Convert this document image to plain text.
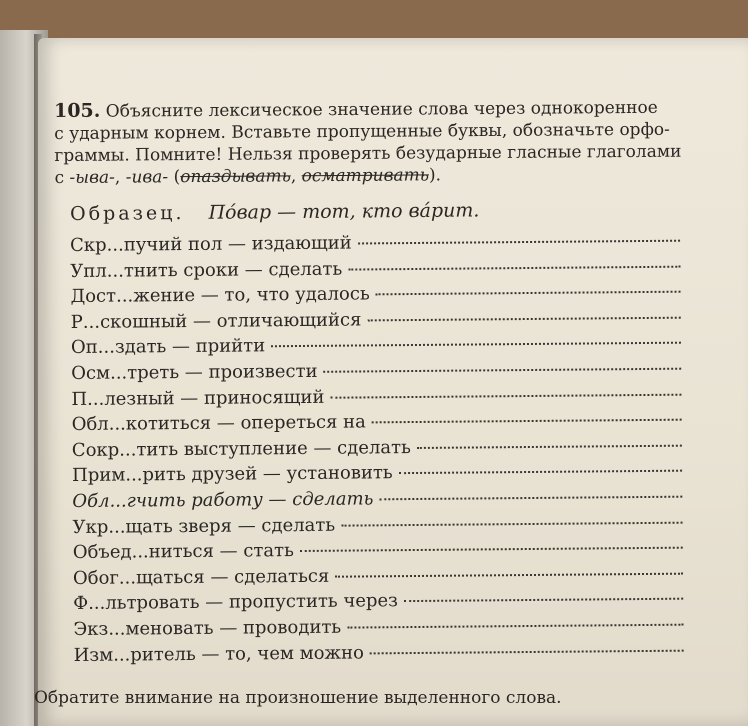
105. Объясните лексическое значение слова через однокоренное

с ударным корнем. Вставьте пропущенные буквы, обозначьте орфо-

граммы. Помните! Нельзя проверять безударные гласные глаголами

с -ыва-, -ива- (опаздывать, осматривать).

Образец. Пóвар — тот, кто вáрит.
Скр...пучий пол — издающий
Упл...тнить сроки — сделать
Дост...жение — то, что удалось
Р...скошный — отличающийся
Оп...здать — прийти
Осм...треть — произвести
П...лезный — приносящий
Обл...котиться — опереться на
Сокр...тить выступление — сделать
Прим...рить друзей — установить
Обл...гчить работу — сделать
Укр...щать зверя — сделать
Объед...ниться — стать
Обог...щаться — сделаться
Ф...льтровать — пропустить через
Экз...меновать — проводить
Изм...ритель — то, чем можно
Обратите внимание на произношение выделенного слова.
